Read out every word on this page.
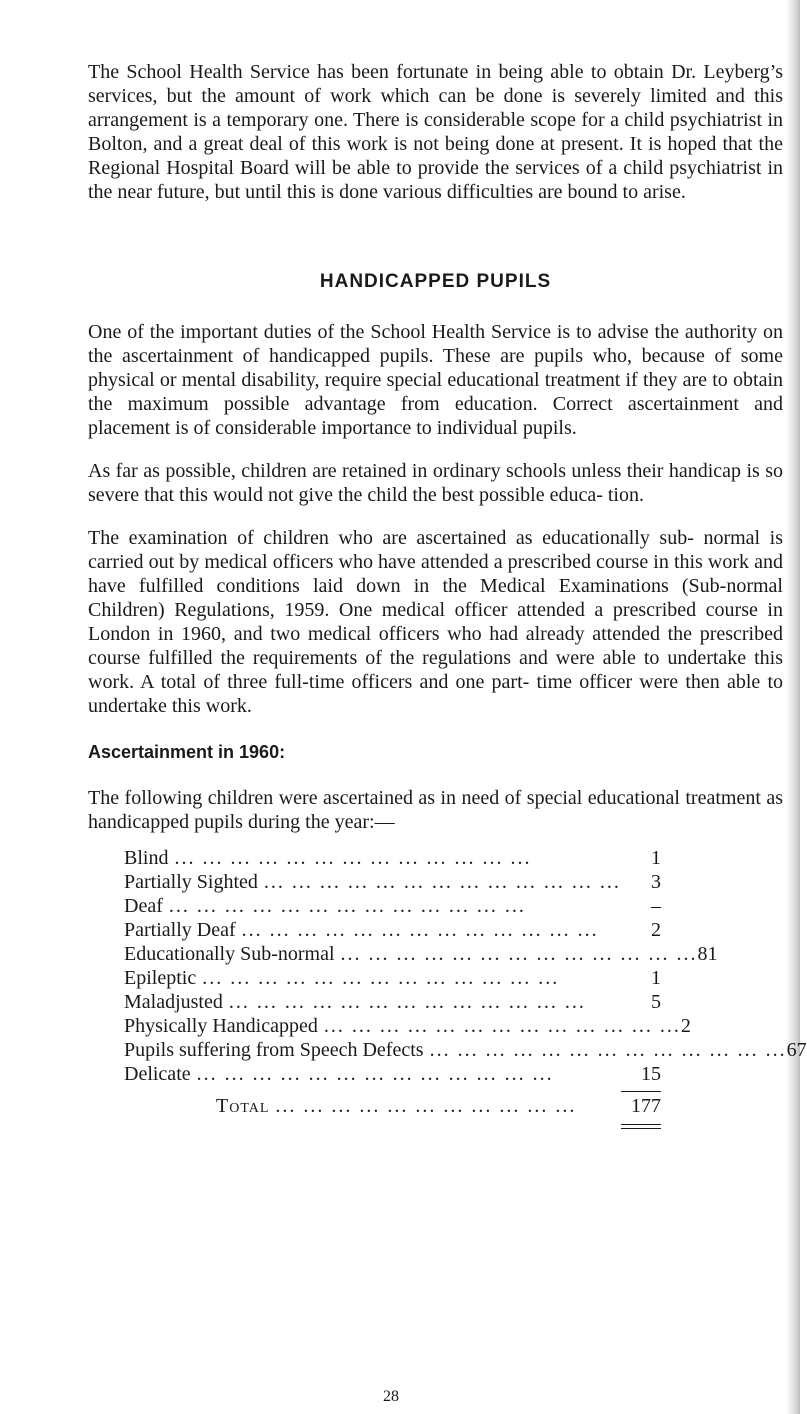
The School Health Service has been fortunate in being able to obtain Dr. Leyberg’s services, but the amount of work which can be done is severely limited and this arrangement is a temporary one. There is considerable scope for a child psychiatrist in Bolton, and a great deal of this work is not being done at present. It is hoped that the Regional Hospital Board will be able to provide the services of a child psychiatrist in the near future, but until this is done various difficulties are bound to arise.

HANDICAPPED PUPILS

One of the important duties of the School Health Service is to advise the authority on the ascertainment of handicapped pupils. These are pupils who, because of some physical or mental disability, require special educational treatment if they are to obtain the maximum possible advantage from education. Correct ascertainment and placement is of considerable importance to individual pupils.

As far as possible, children are retained in ordinary schools unless their handicap is so severe that this would not give the child the best possible educa- tion.

The examination of children who are ascertained as educationally sub- normal is carried out by medical officers who have attended a prescribed course in this work and have fulfilled conditions laid down in the Medical Examinations (Sub-normal Children) Regulations, 1959. One medical officer attended a prescribed course in London in 1960, and two medical officers who had already attended the prescribed course fulfilled the requirements of the regulations and were able to undertake this work. A total of three full-time officers and one part- time officer were then able to undertake this work.

Ascertainment in 1960:

The following children were ascertained as in need of special educational treatment as handicapped pupils during the year:—

Blind ... ... ... ... ... ... ... ... ... ... ... ... ...	1
Partially Sighted ... ... ... ... ... ... ... ... ... ... ... ... ...	3
Deaf ... ... ... ... ... ... ... ... ... ... ... ... ...	–
Partially Deaf ... ... ... ... ... ... ... ... ... ... ... ... ...	2
Educationally Sub-normal ... ... ... ... ... ... ... ... ... ... ... ... ... 81
Epileptic ... ... ... ... ... ... ... ... ... ... ... ... ...	1
Maladjusted ... ... ... ... ... ... ... ... ... ... ... ... ...	5
Physically Handicapped ... ... ... ... ... ... ... ... ... ... ... ... ... 2
Pupils suffering from Speech Defects ... ... ... ... ... ... ... ... ... ... ... ... ... 67
Delicate ... ... ... ... ... ... ... ... ... ... ... ... ...	15
Total ... ... ... ... ... ... ... ... ... ... ...	177
28
